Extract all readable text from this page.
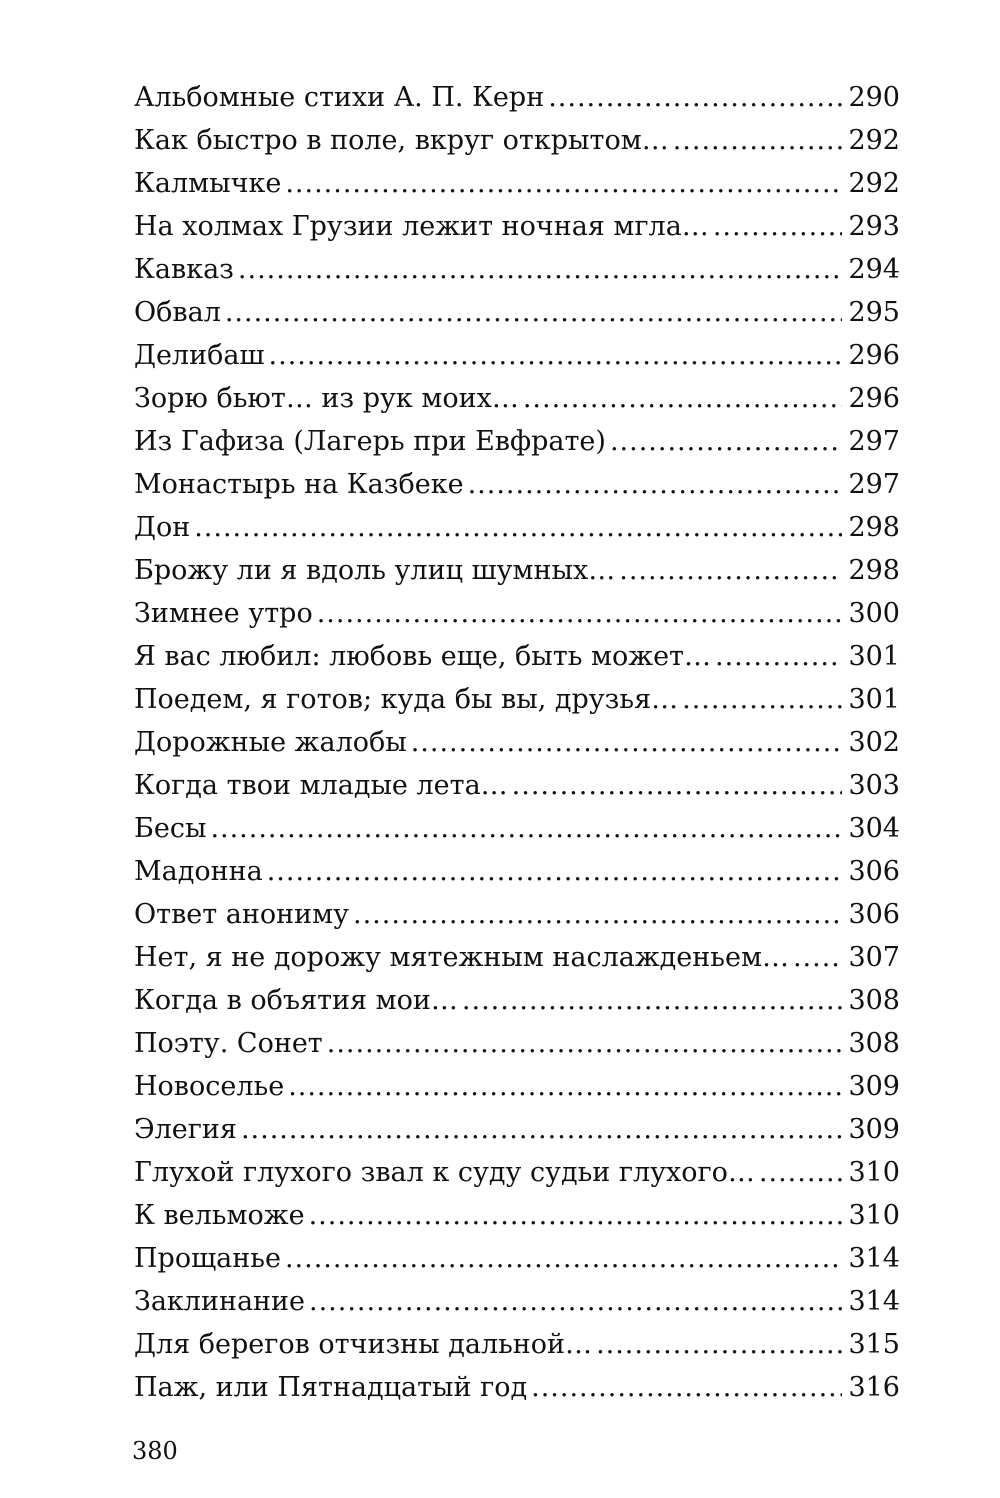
Альбомные стихи А. П. Керн .....	290
Как быстро в поле, вкруг открытом… .....	292
Калмычке .....	292
На холмах Грузии лежит ночная мгла… .....	293
Кавказ .....	294
Обвал .....	295
Делибаш .....	296
Зорю бьют… из рук моих… .....	296
Из Гафиза (Лагерь при Евфрате) .....	297
Монастырь на Казбеке .....	297
Дон .....	298
Брожу ли я вдоль улиц шумных… .....	298
Зимнее утро .....	300
Я вас любил: любовь еще, быть может… .....	301
Поедем, я готов; куда бы вы, друзья… .....	301
Дорожные жалобы .....	302
Когда твои младые лета… .....	303
Бесы .....	304
Мадонна .....	306
Ответ анониму .....	306
Нет, я не дорожу мятежным наслажденьем… ..... 307
Когда в объятия мои… .....	308
Поэту. Сонет .....	308
Новоселье .....	309
Элегия .....	309
Глухой глухого звал к суду судьи глухого… .....	310
К вельможе .....	310
Прощанье .....	314
Заклинание .....	314
Для берегов отчизны дальной… .....	315
Паж, или Пятнадцатый год .....	316
380
